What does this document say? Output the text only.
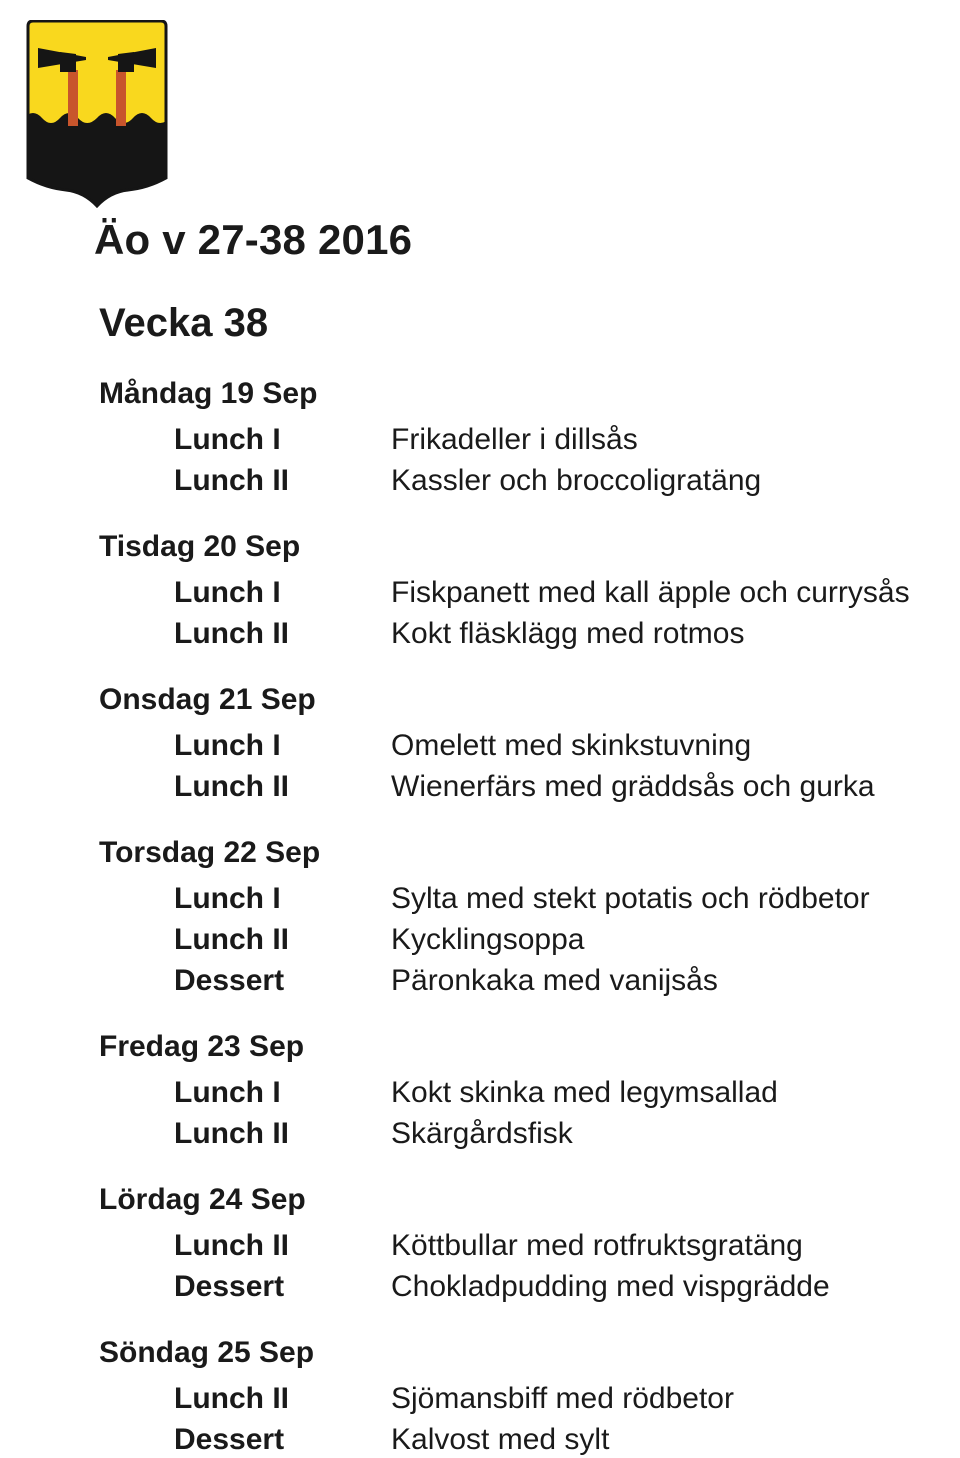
Äo v 27-38 2016
Vecka 38
Måndag 19 Sep
Lunch I	Frikadeller i dillsås
Lunch II	Kassler och broccoligratäng
Tisdag 20 Sep
Lunch I	Fiskpanett med kall äpple och currysås
Lunch II	Kokt fläsklägg med rotmos
Onsdag 21 Sep
Lunch I	Omelett med skinkstuvning
Lunch II	Wienerfärs med gräddsås och gurka
Torsdag 22 Sep
Lunch I	Sylta med stekt potatis och rödbetor
Lunch II	Kycklingsoppa
Dessert	Päronkaka med vanijsås
Fredag 23 Sep
Lunch I	Kokt skinka med legymsallad
Lunch II	Skärgårdsfisk
Lördag 24 Sep
Lunch II	Köttbullar med rotfruktsgratäng
Dessert	Chokladpudding med vispgrädde
Söndag 25 Sep
Lunch II	Sjömansbiff med rödbetor
Dessert	Kalvost med sylt
